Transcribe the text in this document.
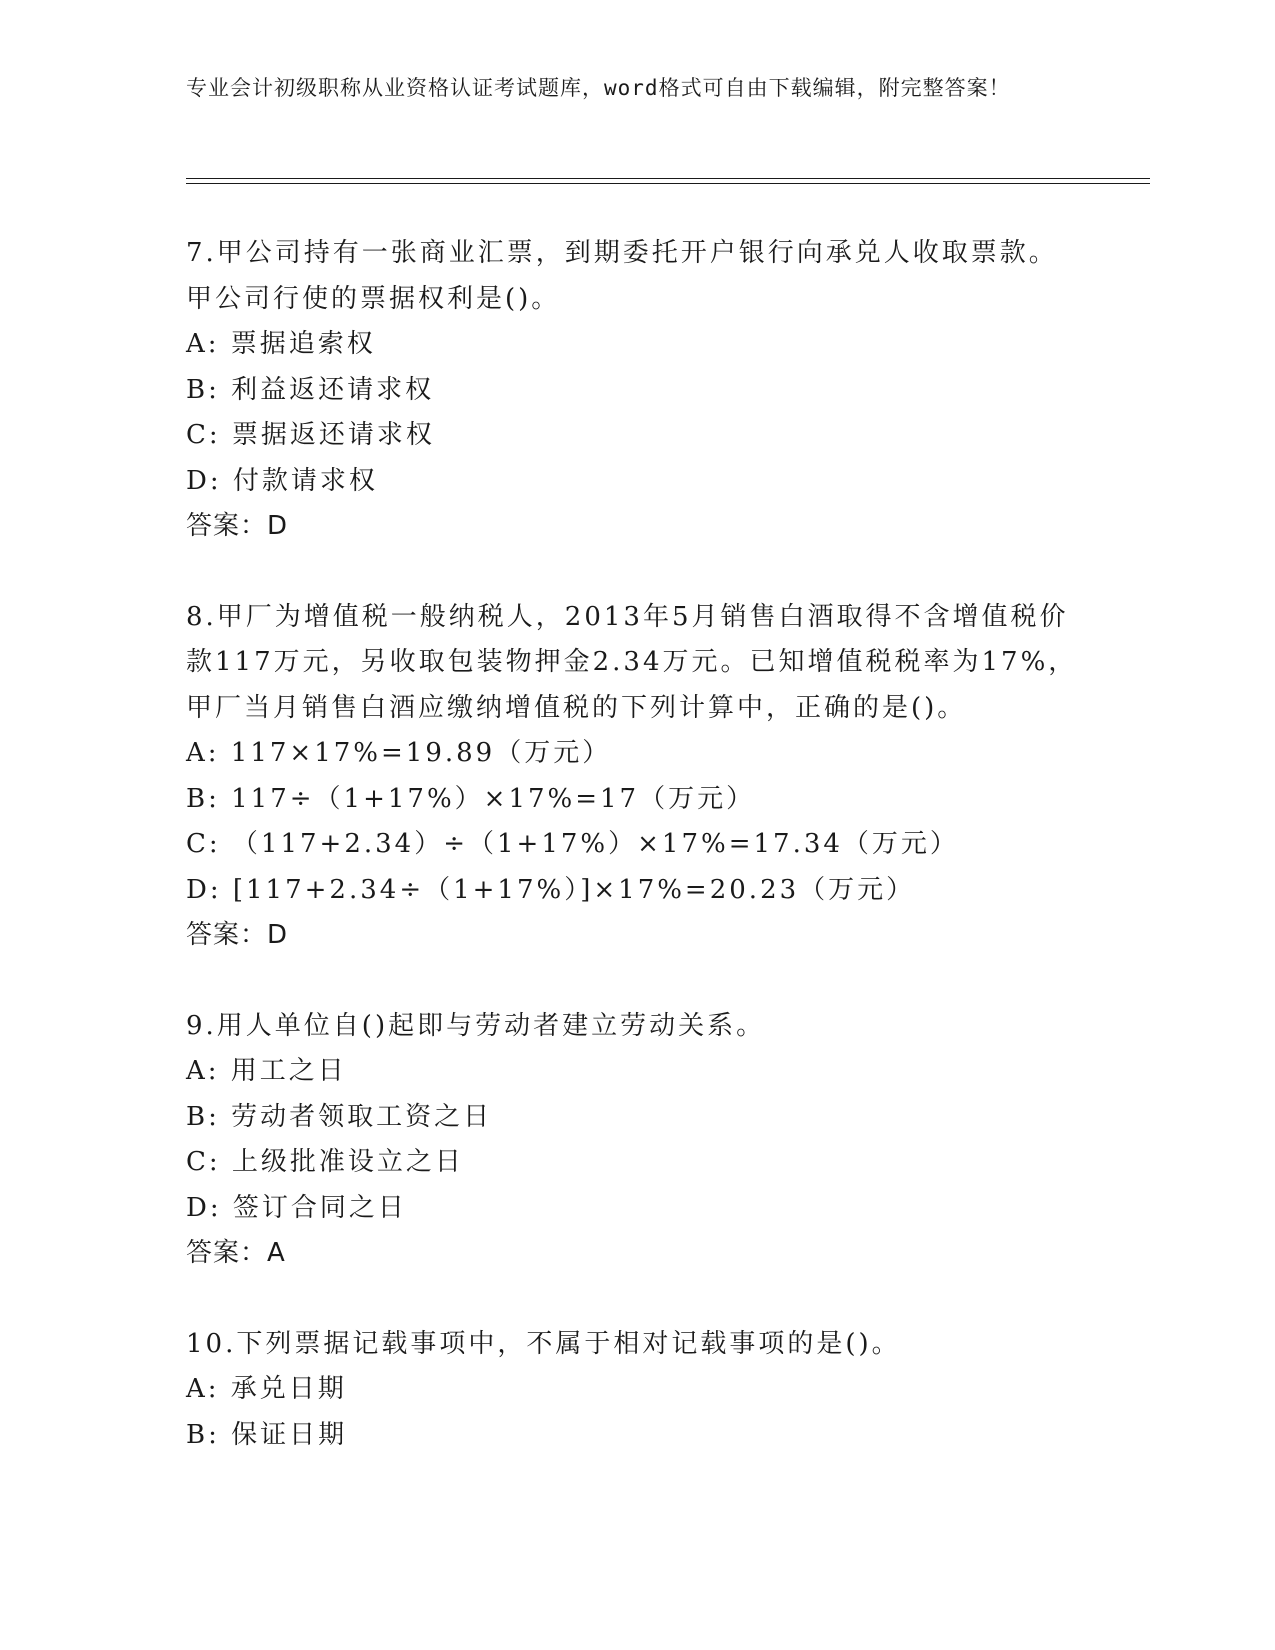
专业会计初级职称从业资格认证考试题库，word格式可自由下载编辑，附完整答案！
7.甲公司持有一张商业汇票，到期委托开户银行向承兑人收取票款。
甲公司行使的票据权利是()。
A: 票据追索权
B: 利益返还请求权
C: 票据返还请求权
D: 付款请求权
答案：D
8.甲厂为增值税一般纳税人，2013年5月销售白酒取得不含增值税价
款117万元，另收取包装物押金2.34万元。已知增值税税率为17%，
甲厂当月销售白酒应缴纳增值税的下列计算中，正确的是()。
A: 117×17%=19.89（万元）
B: 117÷（1+17%）×17%=17（万元）
C: （117+2.34）÷（1+17%）×17%=17.34（万元）
D: [117+2.34÷（1+17%）]×17%=20.23（万元）
答案：D
9.用人单位自()起即与劳动者建立劳动关系。
A: 用工之日
B: 劳动者领取工资之日
C: 上级批准设立之日
D: 签订合同之日
答案：A
10.下列票据记载事项中，不属于相对记载事项的是()。
A: 承兑日期
B: 保证日期
